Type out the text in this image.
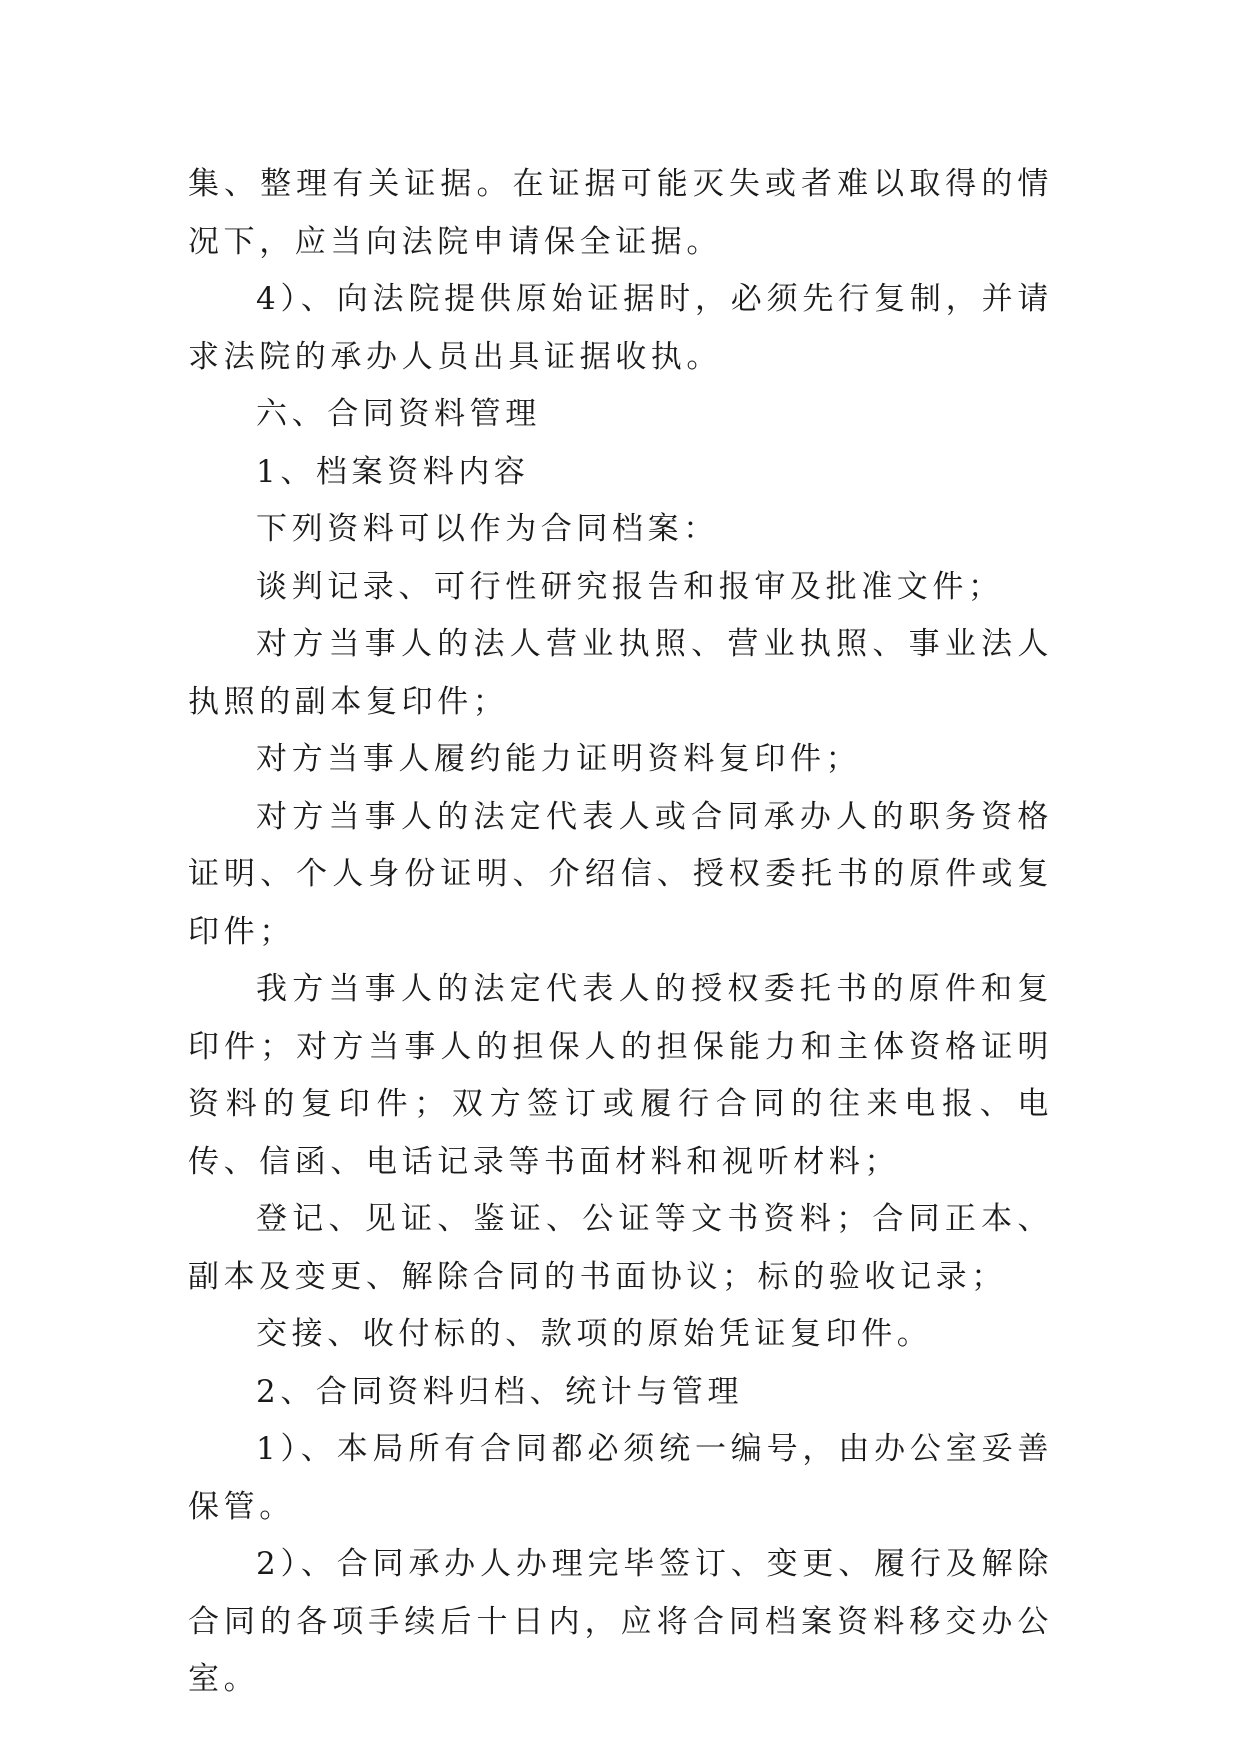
集、整理有关证据。在证据可能灭失或者难以取得的情况下，应当向法院申请保全证据。

4）、向法院提供原始证据时，必须先行复制，并请求法院的承办人员出具证据收执。

六、合同资料管理

1、档案资料内容

下列资料可以作为合同档案：

谈判记录、可行性研究报告和报审及批准文件；

对方当事人的法人营业执照、营业执照、事业法人执照的副本复印件；

对方当事人履约能力证明资料复印件；

对方当事人的法定代表人或合同承办人的职务资格证明、个人身份证明、介绍信、授权委托书的原件或复印件；

我方当事人的法定代表人的授权委托书的原件和复印件；对方当事人的担保人的担保能力和主体资格证明资料的复印件；双方签订或履行合同的往来电报、电传、信函、电话记录等书面材料和视听材料；

登记、见证、鉴证、公证等文书资料；合同正本、副本及变更、解除合同的书面协议；标的验收记录；

交接、收付标的、款项的原始凭证复印件。

2、合同资料归档、统计与管理

1）、本局所有合同都必须统一编号，由办公室妥善保管。

2）、合同承办人办理完毕签订、变更、履行及解除合同的各项手续后十日内，应将合同档案资料移交办公室。
